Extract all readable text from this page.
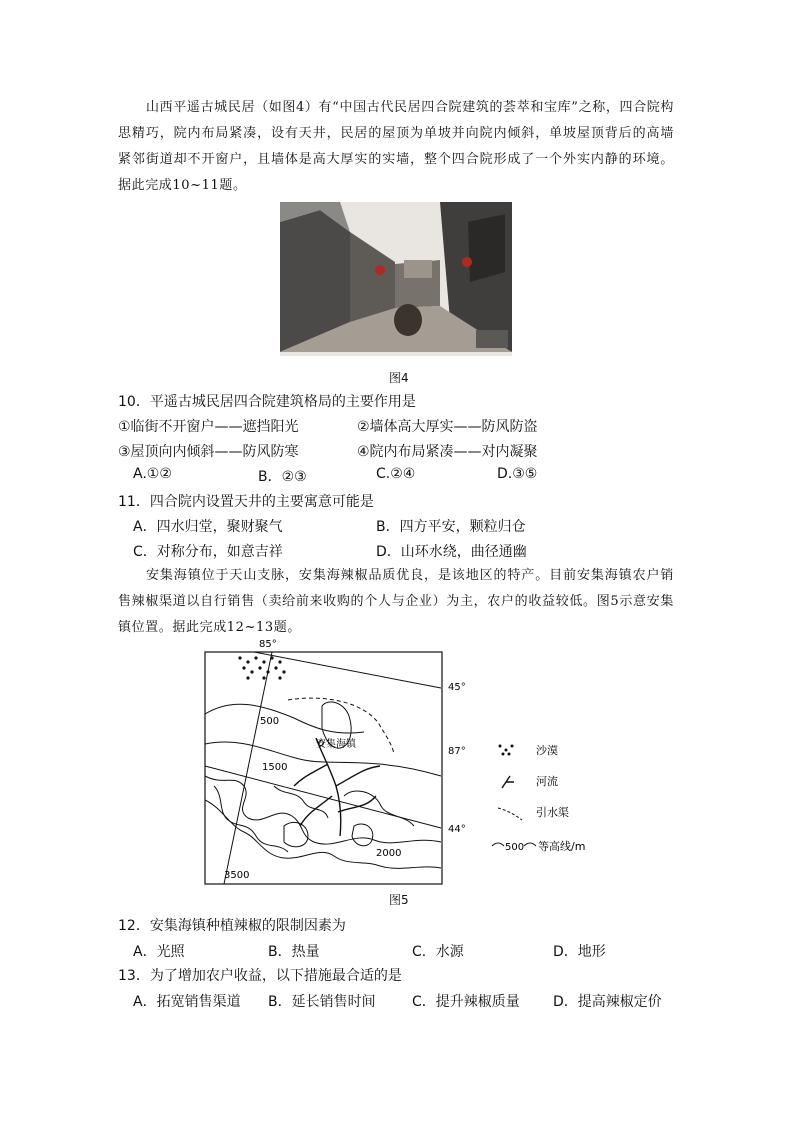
山西平遥古城民居（如图4）有“中国古代民居四合院建筑的荟萃和宝库”之称，四合院构思精巧，院内布局紧凑，设有天井，民居的屋顶为单坡并向院内倾斜，单坡屋顶背后的高墙紧邻街道却不开窗户，且墙体是高大厚实的实墙，整个四合院形成了一个外实内静的环境。据此完成10~11题。
图4
10．平遥古城民居四合院建筑格局的主要作用是
①临街不开窗户——遮挡阳光	②墙体高大厚实——防风防盗
③屋顶向内倾斜——防风防寒	④院内布局紧凑——对内凝聚
A.①②	B．②③	C.②④	D.③⑤
11．四合院内设置天井的主要寓意可能是
A．四水归堂，聚财聚气	B．四方平安，颗粒归仓
C．对称分布，如意吉祥	D．山环水绕，曲径通幽
安集海镇位于天山支脉，安集海辣椒品质优良，是该地区的特产。目前安集海镇农户销售辣椒渠道以自行销售（卖给前来收购的个人与企业）为主，农户的收益较低。图5示意安集镇位置。据此完成12~13题。
85°
45°
44°
87°
500
安集海镇
1500
2000
3500
沙漠
河流
引水渠
500 等高线/m
图5
12．安集海镇种植辣椒的限制因素为
A．光照	B．热量	C．水源	D．地形
13．为了增加农户收益，以下措施最合适的是
A．拓宽销售渠道 B．延长销售时间	C．提升辣椒质量 D．提高辣椒定价
